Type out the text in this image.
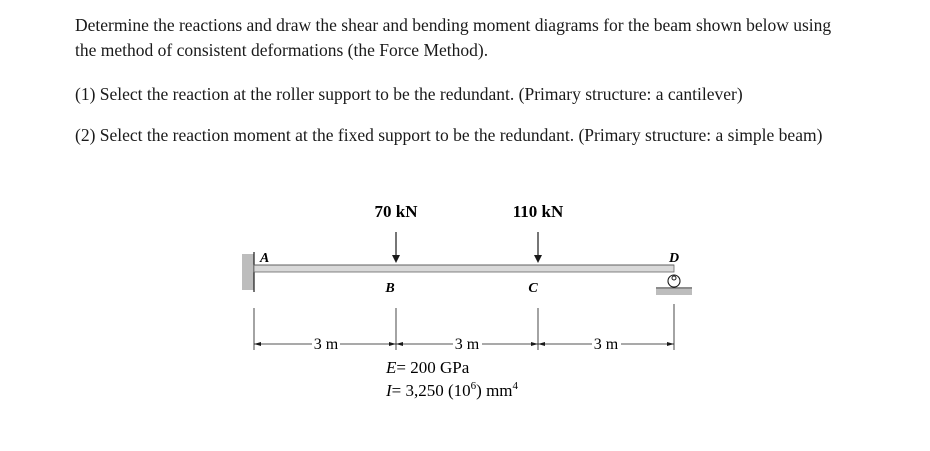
Determine the reactions and draw the shear and bending moment diagrams for the beam shown below using the method of consistent deformations (the Force Method).

(1) Select the reaction at the roller support to be the redundant. (Primary structure: a cantilever)

(2) Select the reaction moment at the fixed support to be the redundant. (Primary structure: a simple beam)

A
B	C
D
70 kN	110 kN
3 m	3 m	3 m
E= 200 GPa
I= 3,250 $(10^6)$ $mm^4$
